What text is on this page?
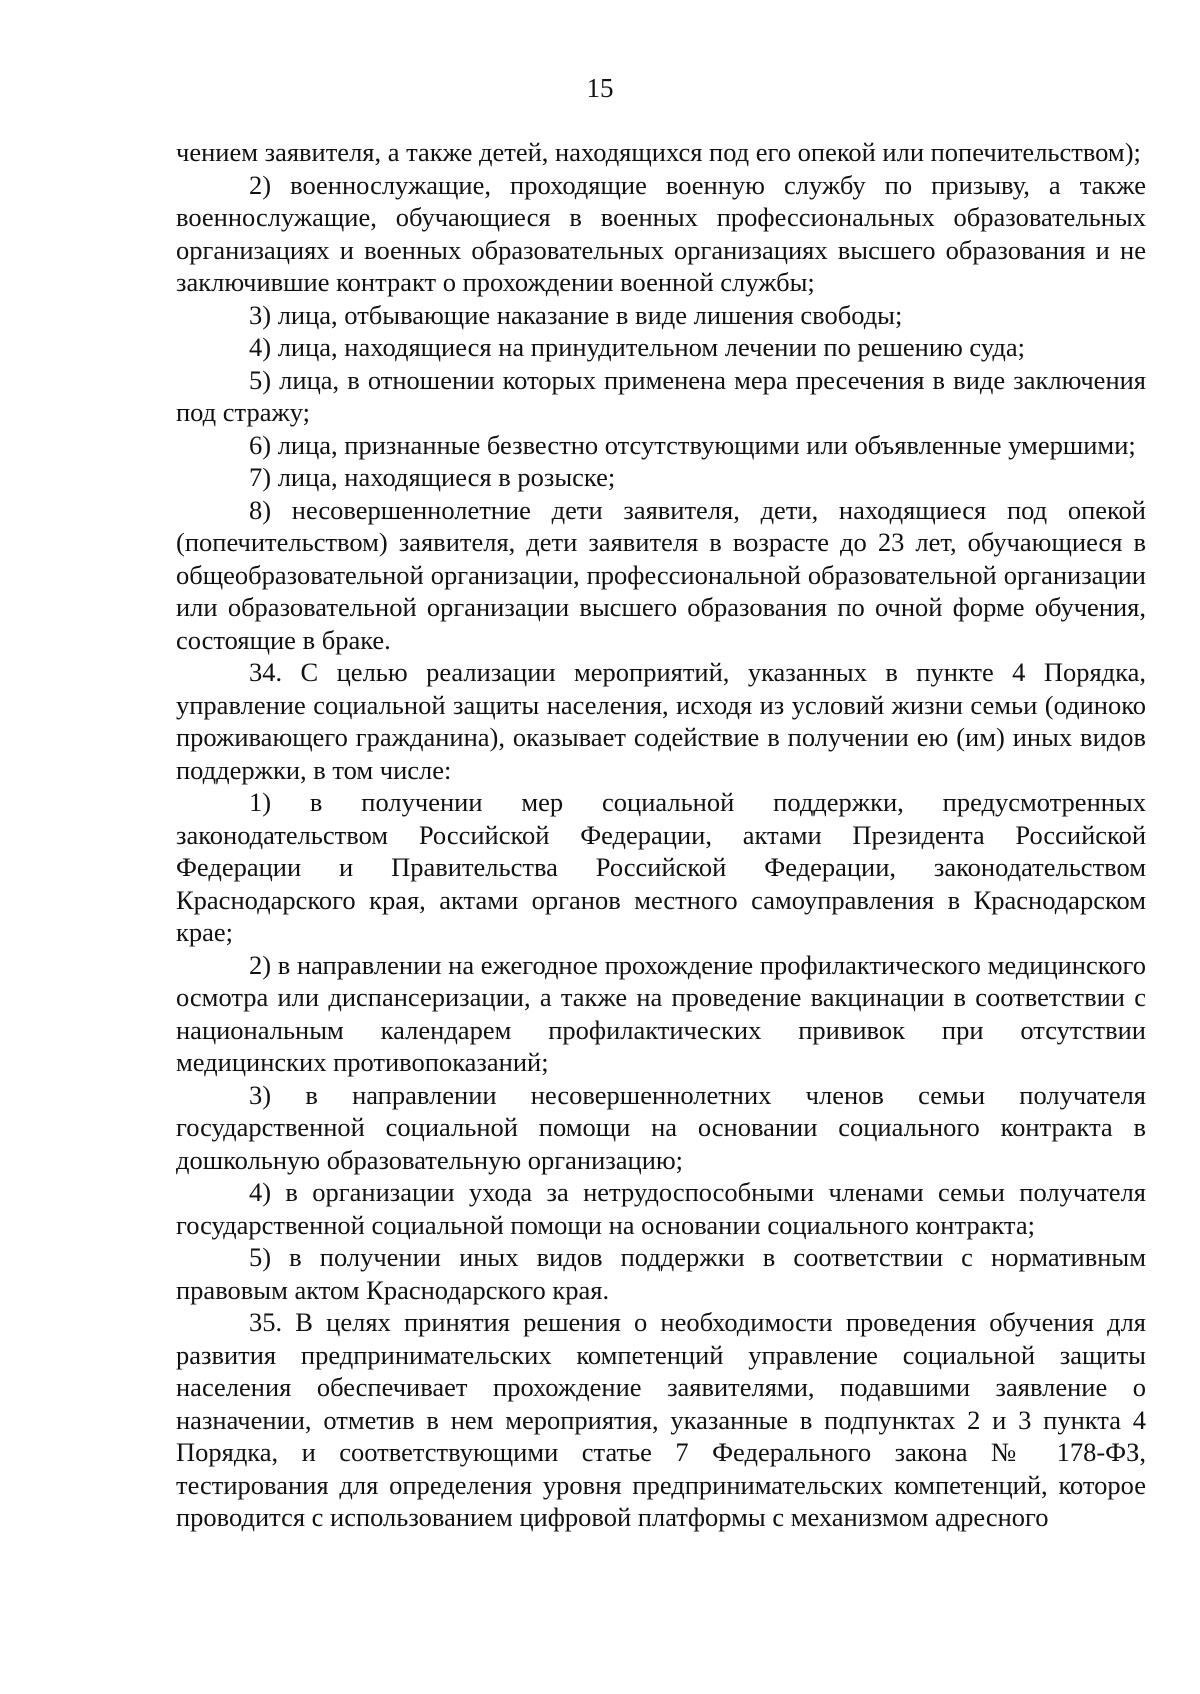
15

чением заявителя, а также детей, находящихся под его опекой или попечительством);

2) военнослужащие, проходящие военную службу по призыву, а также военнослужащие, обучающиеся в военных профессиональных образовательных организациях и военных образовательных организациях высшего образования и не заключившие контракт о прохождении военной службы;

3) лица, отбывающие наказание в виде лишения свободы;

4) лица, находящиеся на принудительном лечении по решению суда;

5) лица, в отношении которых применена мера пресечения в виде заключения под стражу;

6) лица, признанные безвестно отсутствующими или объявленные умершими;

7) лица, находящиеся в розыске;

8) несовершеннолетние дети заявителя, дети, находящиеся под опекой (попечительством) заявителя, дети заявителя в возрасте до 23 лет, обучающиеся в общеобразовательной организации, профессиональной образовательной организации или образовательной организации высшего образования по очной форме обучения, состоящие в браке.

34. С целью реализации мероприятий, указанных в пункте 4 Порядка, управление социальной защиты населения, исходя из условий жизни семьи (одиноко проживающего гражданина), оказывает содействие в получении ею (им) иных видов поддержки, в том числе:

1) в получении мер социальной поддержки, предусмотренных законодательством Российской Федерации, актами Президента Российской Федерации и Правительства Российской Федерации, законодательством Краснодарского края, актами органов местного самоуправления в Краснодарском крае;

2) в направлении на ежегодное прохождение профилактического медицинского осмотра или диспансеризации, а также на проведение вакцинации в соответствии с национальным календарем профилактических прививок при отсутствии медицинских противопоказаний;

3) в направлении несовершеннолетних членов семьи получателя государственной социальной помощи на основании социального контракта в дошкольную образовательную организацию;

4) в организации ухода за нетрудоспособными членами семьи получателя государственной социальной помощи на основании социального контракта;

5) в получении иных видов поддержки в соответствии с нормативным правовым актом Краснодарского края.

35. В целях принятия решения о необходимости проведения обучения для развития предпринимательских компетенций управление социальной защиты населения обеспечивает прохождение заявителями, подавшими заявление о назначении, отметив в нем мероприятия, указанные в подпунктах 2 и 3 пункта 4 Порядка, и соответствующими статье 7 Федерального закона № 178-ФЗ, тестирования для определения уровня предпринимательских компетенций, которое проводится с использованием цифровой платформы с механизмом адресного
